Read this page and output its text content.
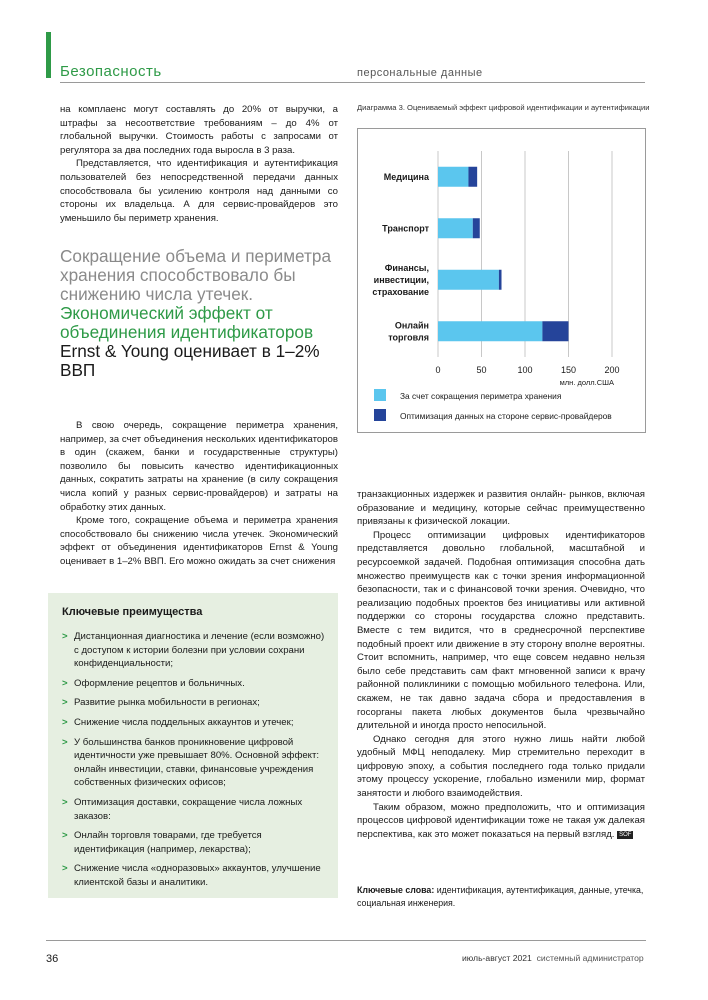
Безопасность	персональные данные

на комплаенс могут составлять до 20% от выручки, а штрафы за несоответствие требованиям – до 4% от глобальной выручки. Стоимость работы с запросами от регулятора за два последних года выросла в 3 раза.

Представляется, что идентификация и аутентификация пользователей без непосредственной передачи данных способствовала бы усилению контроля над данными со стороны их владельца. А для сервис-провайдеров это уменьшило бы периметр хранения.

Сокращение объема и периметра хранения способствовало бы снижению числа утечек. Экономический эффект от объединения идентификаторов Ernst & Young оценивает в 1–2% ВВП

В свою очередь, сокращение периметра хранения, например, за счет объединения нескольких идентификаторов в один (скажем, банки и государственные структуры) позволило бы повысить качество идентификационных данных, сократить затраты на хранение (в силу сокращения числа копий у разных сервис-провайдеров) и затраты на обработку этих данных.

Кроме того, сокращение объема и периметра хранения способствовало бы снижению числа утечек. Экономический эффект от объединения идентификаторов Ernst & Young оценивает в 1–2% ВВП. Его можно ожидать за счет снижения

Ключевые преимущества
> Дистанционная диагностика и лечение (если возможно) с доступом к истории болезни при условии сохрани конфиденциальности;
> Оформление рецептов и больничных.
> Развитие рынка мобильности в регионах;
> Снижение числа поддельных аккаунтов и утечек;
> У большинства банков проникновение цифровой идентичности уже превышает 80%. Основной эффект: онлайн инвестиции, ставки, финансовые учреждения собственных физических офисов;
> Оптимизация доставки, сокращение числа ложных заказов:
> Онлайн торговля товарами, где требуется идентификация (например, лекарства);
> Снижение числа «одноразовых» аккаунтов, улучшение клиентской базы и аналитики.
Диаграмма 3. Оцениваемый эффект цифровой идентификации и аутентификации
Медицина
Транспорт
Финансы, инвестиции, страхование
Онлайн торговля
0	50	100	150	200
млн. долл.США
За счет сокращения периметра хранения
Оптимизация данных на стороне сервис-провайдеров

транзакционных издержек и развития онлайн- рынков, включая образование и медицину, которые сейчас преимущественно привязаны к физической локации.

Процесс оптимизации цифровых идентификаторов представляется довольно глобальной, масштабной и ресурсоемкой задачей. Подобная оптимизация способна дать множество преимуществ как с точки зрения информационной безопасности, так и с финансовой точки зрения. Очевидно, что реализацию подобных проектов без инициативы или активной поддержки со стороны государства сложно представить. Вместе с тем видится, что в среднесрочной перспективе подобный проект или движение в эту сторону вполне вероятны. Стоит вспомнить, например, что еще совсем недавно нельзя было себе представить сам факт мгновенной записи к врачу районной поликлиники с помощью мобильного телефона. Или, скажем, не так давно задача сбора и предоставления в госорганы пакета любых документов была чрезвычайно длительной и иногда просто непосильной.

Однако сегодня для этого нужно лишь найти любой удобный МФЦ неподалеку. Мир стремительно переходит в цифровую эпоху, а события последнего года только придали этому процессу ускорение, глобально изменили мир, формат занятости и любого взаимодействия.

Таким образом, можно предположить, что и оптимизация процессов цифровой идентификации тоже не такая уж далекая перспектива, как это может показаться на первый взгляд. SOF

Ключевые слова: идентификация, аутентификация, данные, утечка, социальная инженерия.
36	июль-август 2021 системный администратор
